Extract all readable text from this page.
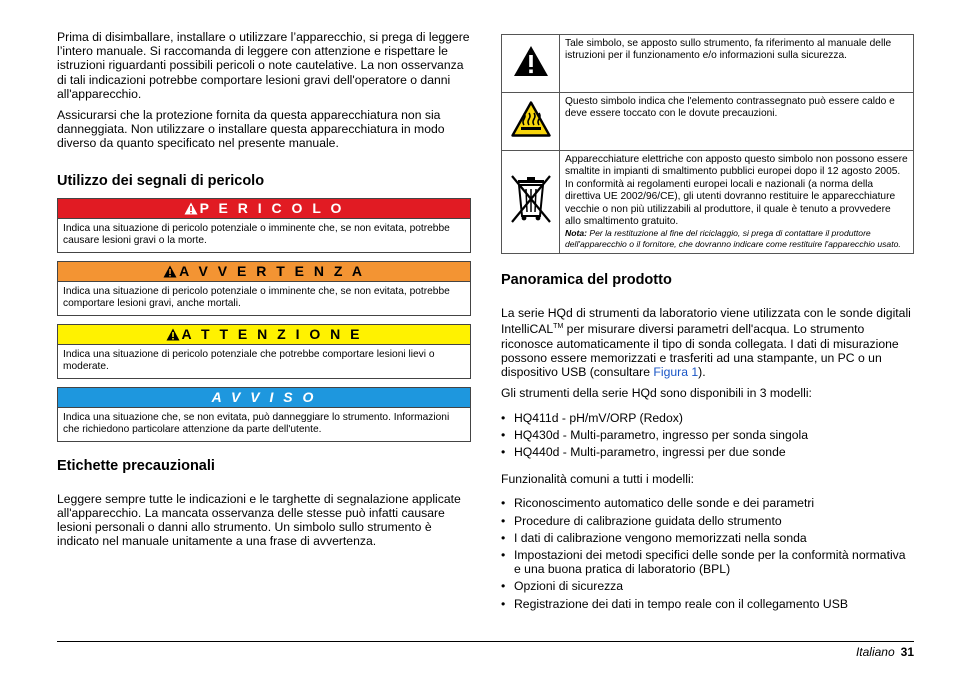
Prima di disimballare, installare o utilizzare l’apparecchio, si prega di leggere l’intero manuale. Si raccomanda di leggere con attenzione e rispettare le istruzioni riguardanti possibili pericoli o note cautelative. La non osservanza di tali indicazioni potrebbe comportare lesioni gravi dell'operatore o danni all'apparecchio.

Assicurarsi che la protezione fornita da questa apparecchiatura non sia danneggiata. Non utilizzare o installare questa apparecchiatura in modo diverso da quanto specificato nel presente manuale.

Utilizzo dei segnali di pericolo
P E R I C O L O
Indica una situazione di pericolo potenziale o imminente che, se non evitata, potrebbe causare lesioni gravi o la morte.
A V V E R T E N Z A
Indica una situazione di pericolo potenziale o imminente che, se non evitata, potrebbe comportare lesioni gravi, anche mortali.
A T T E N Z I O N E
Indica una situazione di pericolo potenziale che potrebbe comportare lesioni lievi o moderate.
A V V I S O
Indica una situazione che, se non evitata, può danneggiare lo strumento. Informazioni che richiedono particolare attenzione da parte dell'utente.
Etichette precauzionali

Leggere sempre tutte le indicazioni e le targhette di segnalazione applicate all'apparecchio. La mancata osservanza delle stesse può infatti causare lesioni personali o danni allo strumento. Un simbolo sullo strumento è indicato nel manuale unitamente a una frase di avvertenza.

	Tale simbolo, se apposto sullo strumento, fa riferimento al manuale delle istruzioni per il funzionamento e/o informazioni sulla sicurezza.
	Questo simbolo indica che l'elemento contrassegnato può essere caldo e deve essere toccato con le dovute precauzioni.

Apparecchiature elettriche con apposto questo simbolo non possono essere smaltite in impianti di smaltimento pubblici europei dopo il 12 agosto 2005. In conformità ai regolamenti europei locali e nazionali (a norma della direttiva UE 2002/96/CE), gli utenti dovranno restituire le apparecchiature vecchie o non più utilizzabili al produttore, il quale è tenuto a provvedere allo smaltimento gratuito.
Nota: Per la restituzione al fine del riciclaggio, si prega di contattare il produttore dell'apparecchio o il fornitore, che dovranno indicare come restituire l'apparecchio usato.
Panoramica del prodotto

La serie HQd di strumenti da laboratorio viene utilizzata con le sonde digitali IntelliCAL™ per misurare diversi parametri dell'acqua. Lo strumento riconosce automaticamente il tipo di sonda collegata. I dati di misurazione possono essere memorizzati e trasferiti ad una stampante, un PC o un dispositivo USB (consultare Figura 1).

Gli strumenti della serie HQd sono disponibili in 3 modelli:

• HQ411d - pH/mV/ORP (Redox)
• HQ430d - Multi-parametro, ingresso per sonda singola
• HQ440d - Multi-parametro, ingressi per due sonde

Funzionalità comuni a tutti i modelli:

• Riconoscimento automatico delle sonde e dei parametri
• Procedure di calibrazione guidata dello strumento
• I dati di calibrazione vengono memorizzati nella sonda
• Impostazioni dei metodi specifici delle sonde per la conformità normativa e una buona pratica di laboratorio (BPL)
• Opzioni di sicurezza
• Registrazione dei dati in tempo reale con il collegamento USB
Italiano 31
